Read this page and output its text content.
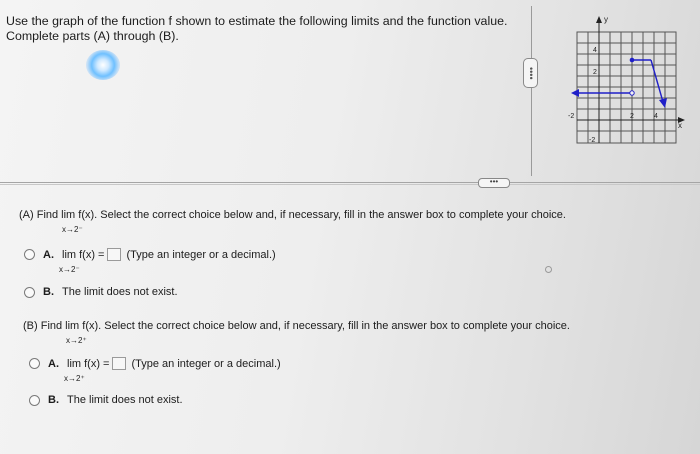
Use the graph of the function f shown to estimate the following limits and the function value.
Complete parts (A) through (B).
••••
y
x
4
2
-2
-2	2	4
•••
(A) Find lim f(x). Select the correct choice below and, if necessary, fill in the answer box to complete your choice.
x→2⁻
A. lim f(x) = (Type an integer or a decimal.)
x→2⁻
B. The limit does not exist.
(B) Find lim f(x). Select the correct choice below and, if necessary, fill in the answer box to complete your choice.
x→2⁺
A. lim f(x) = (Type an integer or a decimal.)
x→2⁺
B. The limit does not exist.
